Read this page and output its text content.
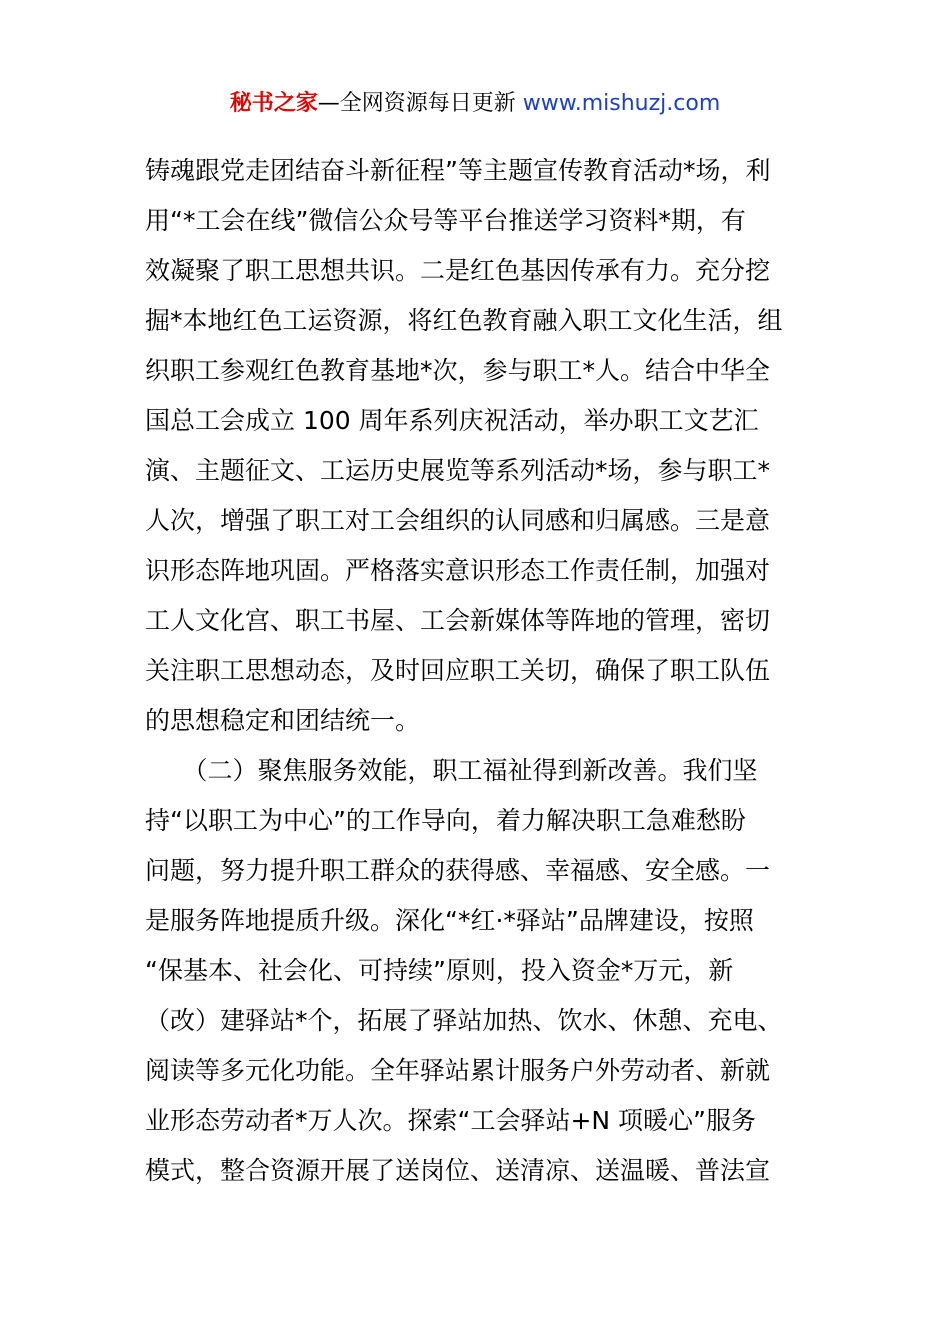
秘书之家—全网资源每日更新 www.mishuzj.com
铸魂跟党走团结奋斗新征程”等主题宣传教育活动*场，利
用“*工会在线”微信公众号等平台推送学习资料*期，有
效凝聚了职工思想共识。二是红色基因传承有力。充分挖
掘*本地红色工运资源，将红色教育融入职工文化生活，组
织职工参观红色教育基地*次，参与职工*人。结合中华全
国总工会成立 100 周年系列庆祝活动，举办职工文艺汇
演、主题征文、工运历史展览等系列活动*场，参与职工*
人次，增强了职工对工会组织的认同感和归属感。三是意
识形态阵地巩固。严格落实意识形态工作责任制，加强对
工人文化宫、职工书屋、工会新媒体等阵地的管理，密切
关注职工思想动态，及时回应职工关切，确保了职工队伍
的思想稳定和团结统一。
　　（二）聚焦服务效能，职工福祉得到新改善。我们坚
持“以职工为中心”的工作导向，着力解决职工急难愁盼
问题，努力提升职工群众的获得感、幸福感、安全感。一
是服务阵地提质升级。深化“*红·*驿站”品牌建设，按照
“保基本、社会化、可持续”原则，投入资金*万元，新
（改）建驿站*个，拓展了驿站加热、饮水、休憩、充电、
阅读等多元化功能。全年驿站累计服务户外劳动者、新就
业形态劳动者*万人次。探索“工会驿站+N 项暖心”服务
模式，整合资源开展了送岗位、送清凉、送温暖、普法宣
